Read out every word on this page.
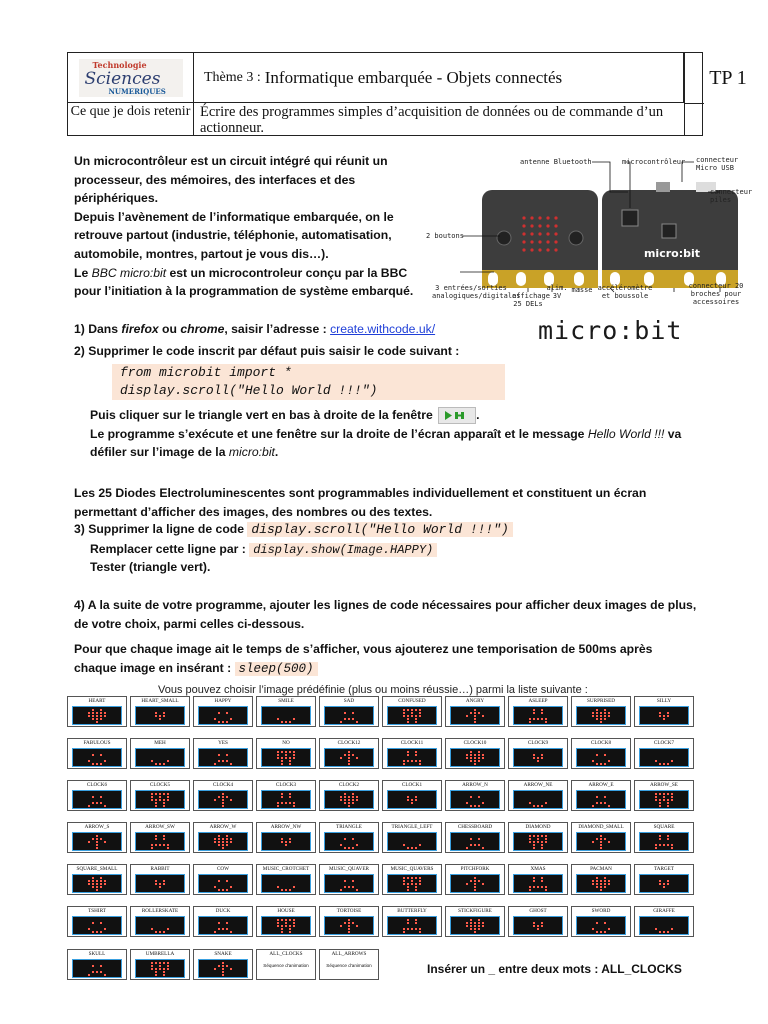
Technologie
Sciences
NUMERIQUES
Thème 3 :
Informatique embarquée - Objets connectés	TP 1
Ce que je dois retenir Écrire des programmes simples d’acquisition de données ou de commande d’un actionneur.
Un microcontrôleur est un circuit intégré qui réunit un
processeur, des mémoires, des interfaces et des
périphériques.
Depuis l’avènement de l’informatique embarquée, on le
retrouve partout (industrie, téléphonie, automatisation,
automobile, montres, partout je vous dis…).
Le BBC micro:bit est un microcontroleur conçu par la BBC
pour l’initiation à la programmation de système embarqué.
micro:bit
antenne Bluetooth	microcontrôleur connecteur Micro USB
connecteur piles
2 boutons
3 entrées/sorties analogiques/digitales
affichage 25 DELs
alim. 3V
masse accéléromètre et boussole
connecteur 20 broches pour accessoires
micro:bit
1) Dans firefox ou chrome, saisir l’adresse : create.withcode.uk/
2) Supprimer le code inscrit par défaut puis saisir le code suivant :
from microbit import *
display.scroll("Hello World !!!")
Puis cliquer sur le triangle vert en bas à droite de la fenêtre	.
Le programme s’exécute et une fenêtre sur la droite de l’écran apparaît et le message Hello World !!! va
défiler sur l’image de la micro:bit.
Les 25 Diodes Electroluminescentes sont programmables individuellement et constituent un écran
permettant d’afficher des images, des nombres ou des textes.
3) Supprimer la ligne de code display.scroll("Hello World !!!")
Remplacer cette ligne par : display.show(Image.HAPPY)
Tester (triangle vert).
4) A la suite de votre programme, ajouter les lignes de code nécessaires pour afficher deux images de plus,
de votre choix, parmi celles ci-dessous.
Pour que chaque image ait le temps de s’afficher, vous ajouterez une temporisation de 500ms après
chaque image en insérant : sleep(500)
Vous pouvez choisir l’image prédéfinie (plus ou moins réussie…) parmi la liste suivante :
HEART	HEART_SMALL	HAPPY	SMILE	SAD	CONFUSED	ANGRY	ASLEEP	SURPRISED	SILLY
FABULOUS	MEH	YES	NO	CLOCK12	CLOCK11	CLOCK10	CLOCK9	CLOCK8	CLOCK7
CLOCK6	CLOCK5	CLOCK4	CLOCK3	CLOCK2	CLOCK1	ARROW_N	ARROW_NE	ARROW_E	ARROW_SE
ARROW_S	ARROW_SW	ARROW_W	ARROW_NW	TRIANGLE	TRIANGLE_LEFT	CHESSBOARD	DIAMOND	DIAMOND_SMALL	SQUARE
SQUARE_SMALL	RABBIT	COW	MUSIC_CROTCHET	MUSIC_QUAVER	MUSIC_QUAVERS	PITCHFORK	XMAS	PACMAN	TARGET
TSHIRT	ROLLERSKATE	DUCK	HOUSE	TORTOISE	BUTTERFLY	STICKFIGURE	GHOST	SWORD	GIRAFFE
SKULL	UMBRELLA	SNAKE	ALL_CLOCKS
Séquence d’animation
ALL_ARROWS
Séquence d’animation	Insérer un _ entre deux mots : ALL_CLOCKS
